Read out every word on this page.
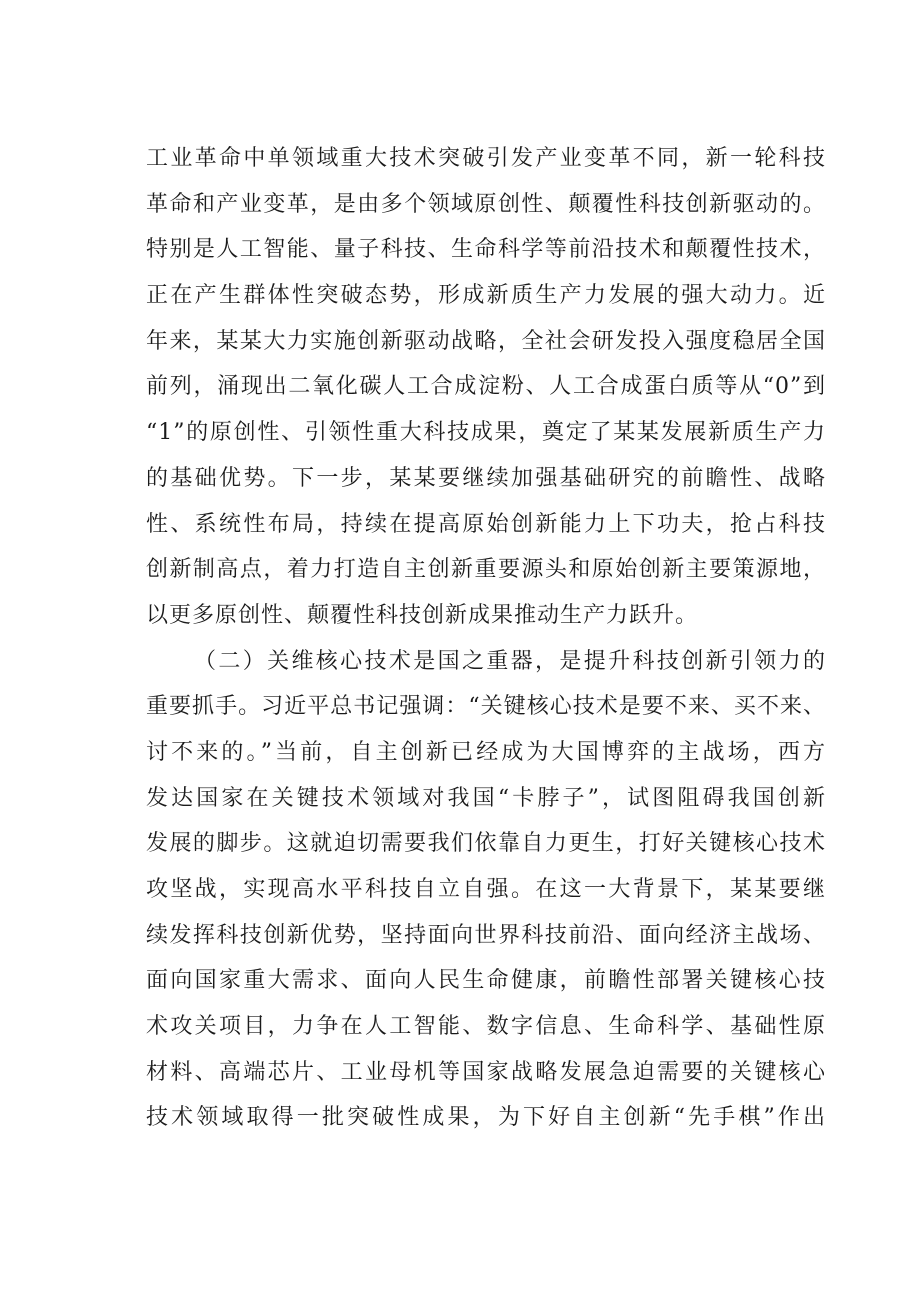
工业革命中单领域重大技术突破引发产业变革不同，新一轮科技
革命和产业变革，是由多个领域原创性、颠覆性科技创新驱动的。
特别是人工智能、量子科技、生命科学等前沿技术和颠覆性技术，
正在产生群体性突破态势，形成新质生产力发展的强大动力。近
年来，某某大力实施创新驱动战略，全社会研发投入强度稳居全国
前列，涌现出二氧化碳人工合成淀粉、人工合成蛋白质等从“0”到
“1”的原创性、引领性重大科技成果，奠定了某某发展新质生产力
的基础优势。下一步，某某要继续加强基础研究的前瞻性、战略
性、系统性布局，持续在提高原始创新能力上下功夫，抢占科技
创新制高点，着力打造自主创新重要源头和原始创新主要策源地，
以更多原创性、颠覆性科技创新成果推动生产力跃升。
（二）关维核心技术是国之重器，是提升科技创新引领力的
重要抓手。习近平总书记强调：“关键核心技术是要不来、买不来、
讨不来的。”当前，自主创新已经成为大国博弈的主战场，西方
发达国家在关键技术领域对我国“卡脖子”，试图阻碍我国创新
发展的脚步。这就迫切需要我们依靠自力更生，打好关键核心技术
攻坚战，实现高水平科技自立自强。在这一大背景下，某某要继
续发挥科技创新优势，坚持面向世界科技前沿、面向经济主战场、
面向国家重大需求、面向人民生命健康，前瞻性部署关键核心技
术攻关项目，力争在人工智能、数字信息、生命科学、基础性原
材料、高端芯片、工业母机等国家战略发展急迫需要的关键核心
技术领域取得一批突破性成果，为下好自主创新“先手棋”作出
